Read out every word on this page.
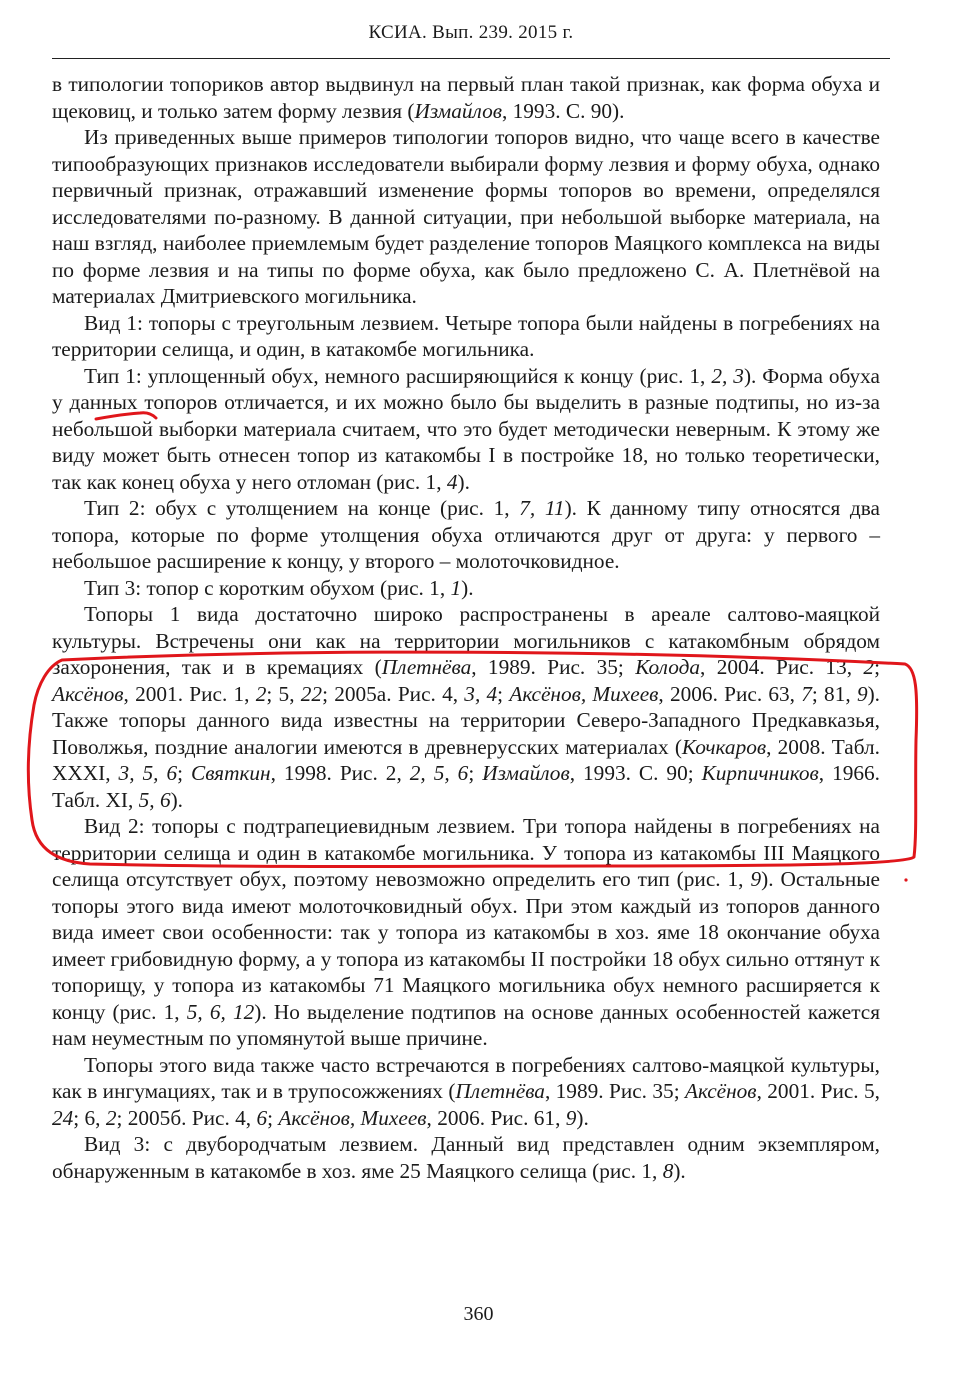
КСИА. Вып. 239. 2015 г.

в типологии топориков автор выдвинул на первый план такой признак, как форма обуха и щековиц, и только затем форму лезвия (Измайлов, 1993. С. 90).

Из приведенных выше примеров типологии топоров видно, что чаще всего в качестве типообразующих признаков исследователи выбирали форму лезвия и форму обуха, однако первичный признак, отражавший изменение формы топоров во времени, определялся исследователями по-разному. В данной ситуации, при небольшой выборке материала, на наш взгляд, наиболее приемлемым будет разделение топоров Маяцкого комплекса на виды по форме лезвия и на типы по форме обуха, как было предложено С. А. Плетнёвой на материалах Дмитриевского могильника.

Вид 1: топоры с треугольным лезвием. Четыре топора были найдены в погребениях на территории селища, и один, в катакомбе могильника.

Тип 1: уплощенный обух, немного расширяющийся к концу (рис. 1, 2, 3). Форма обуха у данных топоров отличается, и их можно было бы выделить в разные подтипы, но из-за небольшой выборки материала считаем, что это будет методически неверным. К этому же виду может быть отнесен топор из катакомбы I в постройке 18, но только теоретически, так как конец обуха у него отломан (рис. 1, 4).

Тип 2: обух с утолщением на конце (рис. 1, 7, 11). К данному типу относятся два топора, которые по форме утолщения обуха отличаются друг от друга: у первого – небольшое расширение к концу, у второго – молоточковидное.

Тип 3: топор с коротким обухом (рис. 1, 1).

Топоры 1 вида достаточно широко распространены в ареале салтово-маяцкой культуры. Встречены они как на территории могильников с катакомбным обрядом захоронения, так и в кремациях (Плетнёва, 1989. Рис. 35; Колода, 2004. Рис. 13, 2; Аксёнов, 2001. Рис. 1, 2; 5, 22; 2005а. Рис. 4, 3, 4; Аксёнов, Михеев, 2006. Рис. 63, 7; 81, 9). Также топоры данного вида известны на территории Северо-Западного Предкавказья, Поволжья, поздние аналогии имеются в древнерусских материалах (Кочкаров, 2008. Табл. XXXI, 3, 5, 6; Святкин, 1998. Рис. 2, 2, 5, 6; Измайлов, 1993. С. 90; Кирпичников, 1966. Табл. XI, 5, 6).

Вид 2: топоры с подтрапециевидным лезвием. Три топора найдены в погребениях на территории селища и один в катакомбе могильника. У топора из катакомбы III Маяцкого селища отсутствует обух, поэтому невозможно определить его тип (рис. 1, 9). Остальные топоры этого вида имеют молоточковидный обух. При этом каждый из топоров данного вида имеет свои особенности: так у топора из катакомбы в хоз. яме 18 окончание обуха имеет грибовидную форму, а у топора из катакомбы II постройки 18 обух сильно оттянут к топорищу, у топора из катакомбы 71 Маяцкого могильника обух немного расширяется к концу (рис. 1, 5, 6, 12). Но выделение подтипов на основе данных особенностей кажется нам неуместным по упомянутой выше причине.

Топоры этого вида также часто встречаются в погребениях салтово-маяцкой культуры, как в ингумациях, так и в трупосожжениях (Плетнёва, 1989. Рис. 35; Аксёнов, 2001. Рис. 5, 24; 6, 2; 2005б. Рис. 4, 6; Аксёнов, Михеев, 2006. Рис. 61, 9).

Вид 3: с двубородчатым лезвием. Данный вид представлен одним экземпляром, обнаруженным в катакомбе в хоз. яме 25 Маяцкого селища (рис. 1, 8).

360
